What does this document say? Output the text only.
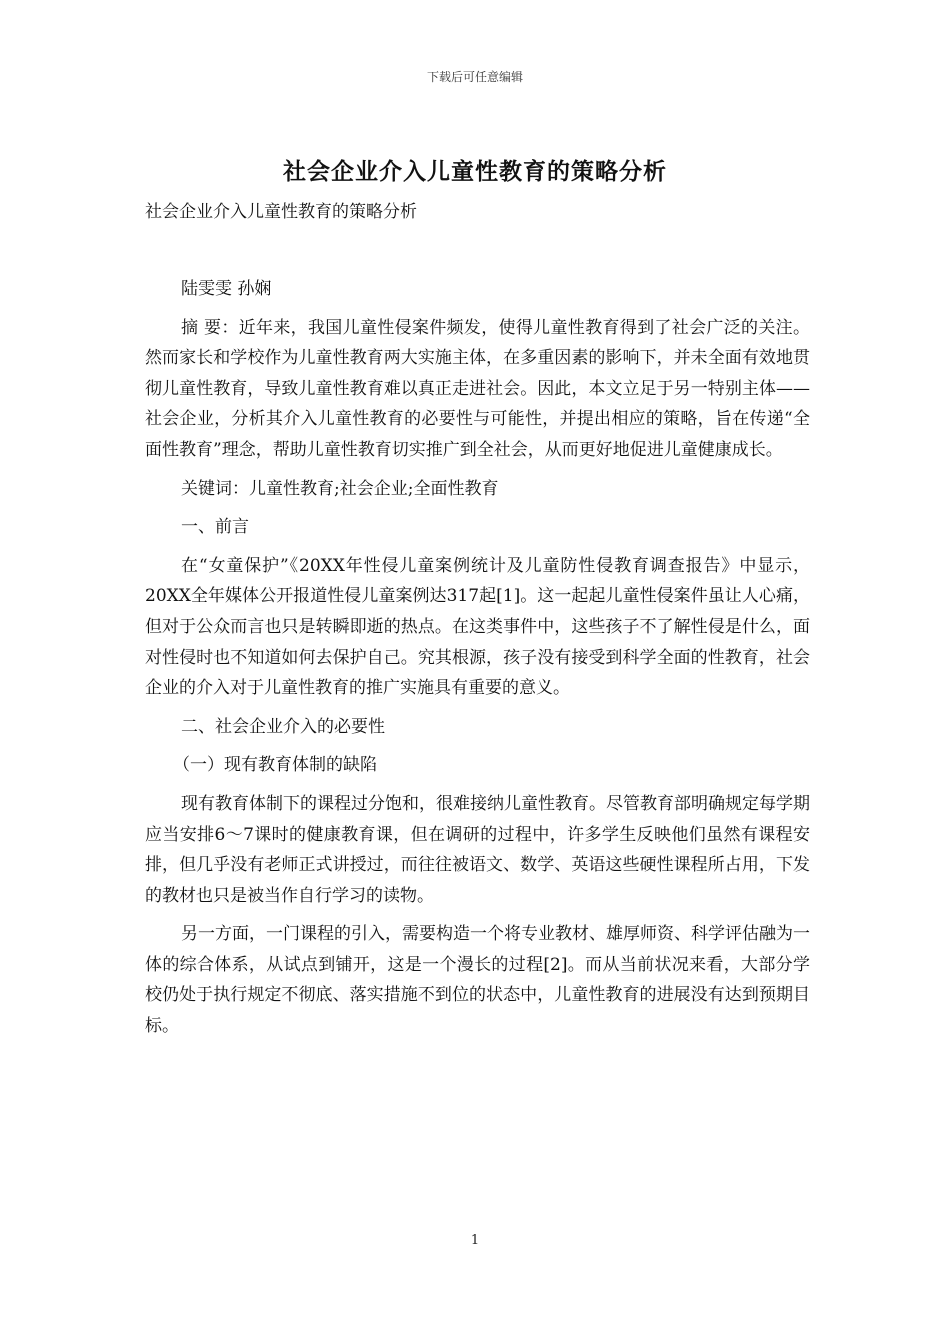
下载后可任意编辑
社会企业介入儿童性教育的策略分析

社会企业介入儿童性教育的策略分析

陆雯雯 孙娴

摘 要：近年来，我国儿童性侵案件频发，使得儿童性教育得到了社会广泛的关注。然而家长和学校作为儿童性教育两大实施主体，在多重因素的影响下，并未全面有效地贯彻儿童性教育，导致儿童性教育难以真正走进社会。因此，本文立足于另一特别主体——社会企业，分析其介入儿童性教育的必要性与可能性，并提出相应的策略，旨在传递“全面性教育”理念，帮助儿童性教育切实推广到全社会，从而更好地促进儿童健康成长。

关键词：儿童性教育;社会企业;全面性教育

一、前言

在“女童保护”《20XX年性侵儿童案例统计及儿童防性侵教育调查报告》中显示，20XX全年媒体公开报道性侵儿童案例达317起[1]。这一起起儿童性侵案件虽让人心痛，但对于公众而言也只是转瞬即逝的热点。在这类事件中，这些孩子不了解性侵是什么，面对性侵时也不知道如何去保护自己。究其根源，孩子没有接受到科学全面的性教育，社会企业的介入对于儿童性教育的推广实施具有重要的意义。

二、社会企业介入的必要性

（一）现有教育体制的缺陷

现有教育体制下的课程过分饱和，很难接纳儿童性教育。尽管教育部明确规定每学期应当安排6～7课时的健康教育课，但在调研的过程中，许多学生反映他们虽然有课程安排，但几乎没有老师正式讲授过，而往往被语文、数学、英语这些硬性课程所占用，下发的教材也只是被当作自行学习的读物。

另一方面，一门课程的引入，需要构造一个将专业教材、雄厚师资、科学评估融为一体的综合体系，从试点到铺开，这是一个漫长的过程[2]。而从当前状况来看，大部分学校仍处于执行规定不彻底、落实措施不到位的状态中，儿童性教育的进展没有达到预期目标。

1
